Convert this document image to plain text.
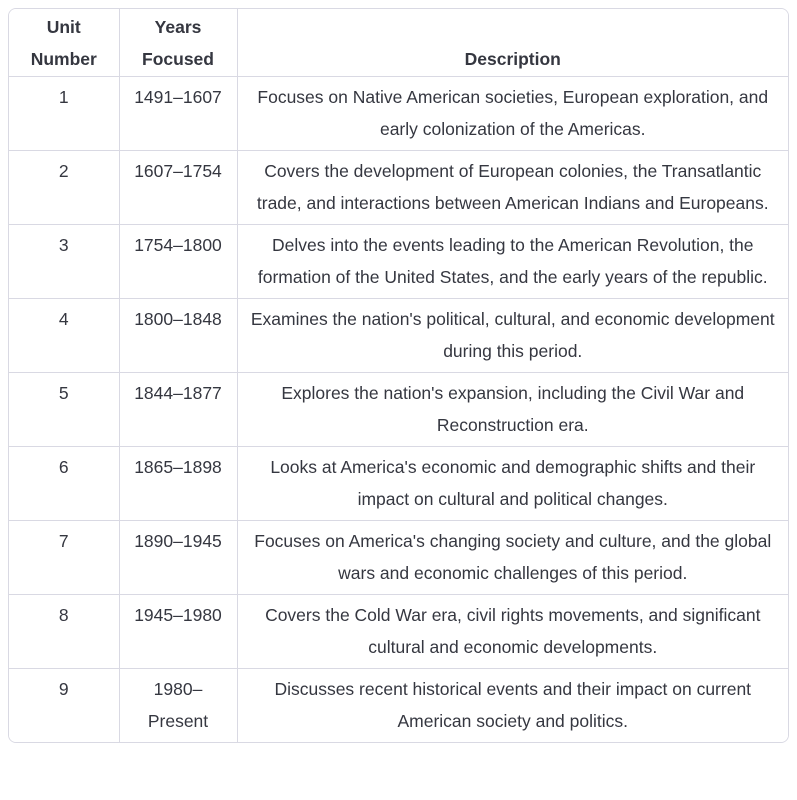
Unit Number	Years Focused	Description
1	1491–1607	Focuses on Native American societies, European exploration, and early colonization of the Americas.
2	1607–1754	Covers the development of European colonies, the Transatlantic trade, and interactions between American Indians and Europeans.
3	1754–1800	Delves into the events leading to the American Revolution, the formation of the United States, and the early years of the republic.
4	1800–1848	Examines the nation's political, cultural, and economic development during this period.
5	1844–1877	Explores the nation's expansion, including the Civil War and Reconstruction era.
6	1865–1898	Looks at America's economic and demographic shifts and their impact on cultural and political changes.
7	1890–1945	Focuses on America's changing society and culture, and the global wars and economic challenges of this period.
8	1945–1980	Covers the Cold War era, civil rights movements, and significant cultural and economic developments.
9	1980–Present	Discusses recent historical events and their impact on current American society and politics.
